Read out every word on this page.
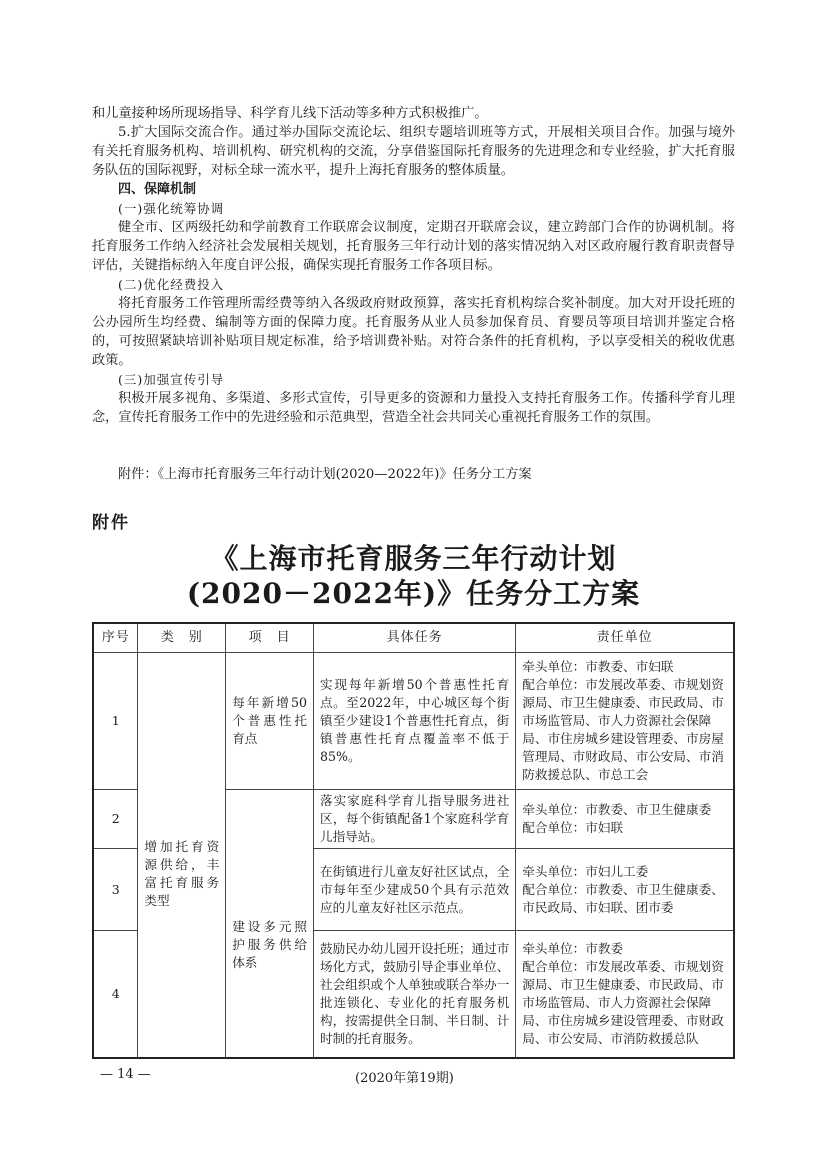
和儿童接种场所现场指导、科学育儿线下活动等多种方式积极推广。

5.扩大国际交流合作。通过举办国际交流论坛、组织专题培训班等方式，开展相关项目合作。加强与境外有关托育服务机构、培训机构、研究机构的交流，分享借鉴国际托育服务的先进理念和专业经验，扩大托育服务队伍的国际视野，对标全球一流水平，提升上海托育服务的整体质量。

四、保障机制

(一)强化统筹协调

健全市、区两级托幼和学前教育工作联席会议制度，定期召开联席会议，建立跨部门合作的协调机制。将托育服务工作纳入经济社会发展相关规划，托育服务三年行动计划的落实情况纳入对区政府履行教育职责督导评估，关键指标纳入年度自评公报，确保实现托育服务工作各项目标。

(二)优化经费投入

将托育服务工作管理所需经费等纳入各级政府财政预算，落实托育机构综合奖补制度。加大对开设托班的公办园所生均经费、编制等方面的保障力度。托育服务从业人员参加保育员、育婴员等项目培训并鉴定合格的，可按照紧缺培训补贴项目规定标准，给予培训费补贴。对符合条件的托育机构，予以享受相关的税收优惠政策。

(三)加强宣传引导

积极开展多视角、多渠道、多形式宣传，引导更多的资源和力量投入支持托育服务工作。传播科学育儿理念，宣传托育服务工作中的先进经验和示范典型，营造全社会共同关心重视托育服务工作的氛围。

附件：《上海市托育服务三年行动计划(2020—2022年)》任务分工方案
附件
《上海市托育服务三年行动计划
(2020－2022年)》任务分工方案
序号	类　别	项　目	具体任务	责任单位
1	增加托育资源供给，丰富托育服务类型	每年新增50个普惠性托育点	实现每年新增50个普惠性托育点。至2022年，中心城区每个街镇至少建设1个普惠性托育点，街镇普惠性托育点覆盖率不低于85%。	牵头单位：市教委、市妇联
配合单位：市发展改革委、市规划资源局、市卫生健康委、市民政局、市市场监管局、市人力资源社会保障局、市住房城乡建设管理委、市房屋管理局、市财政局、市公安局、市消防救援总队、市总工会

2		建设多元照护服务供给体系	落实家庭科学育儿指导服务进社区，每个街镇配备1个家庭科学育儿指导站。	牵头单位：市教委、市卫生健康委
配合单位：市妇联

3			在街镇进行儿童友好社区试点，全市每年至少建成50个具有示范效应的儿童友好社区示范点。	牵头单位：市妇儿工委
配合单位：市教委、市卫生健康委、市民政局、市妇联、团市委

4			鼓励民办幼儿园开设托班；通过市场化方式，鼓励引导企事业单位、社会组织或个人单独或联合举办一批连锁化、专业化的托育服务机构，按需提供全日制、半日制、计时制的托育服务。	牵头单位：市教委
配合单位：市发展改革委、市规划资源局、市卫生健康委、市民政局、市市场监管局、市人力资源社会保障局、市住房城乡建设管理委、市财政局、市公安局、市消防救援总队
— 14 —	(2020年第19期)
